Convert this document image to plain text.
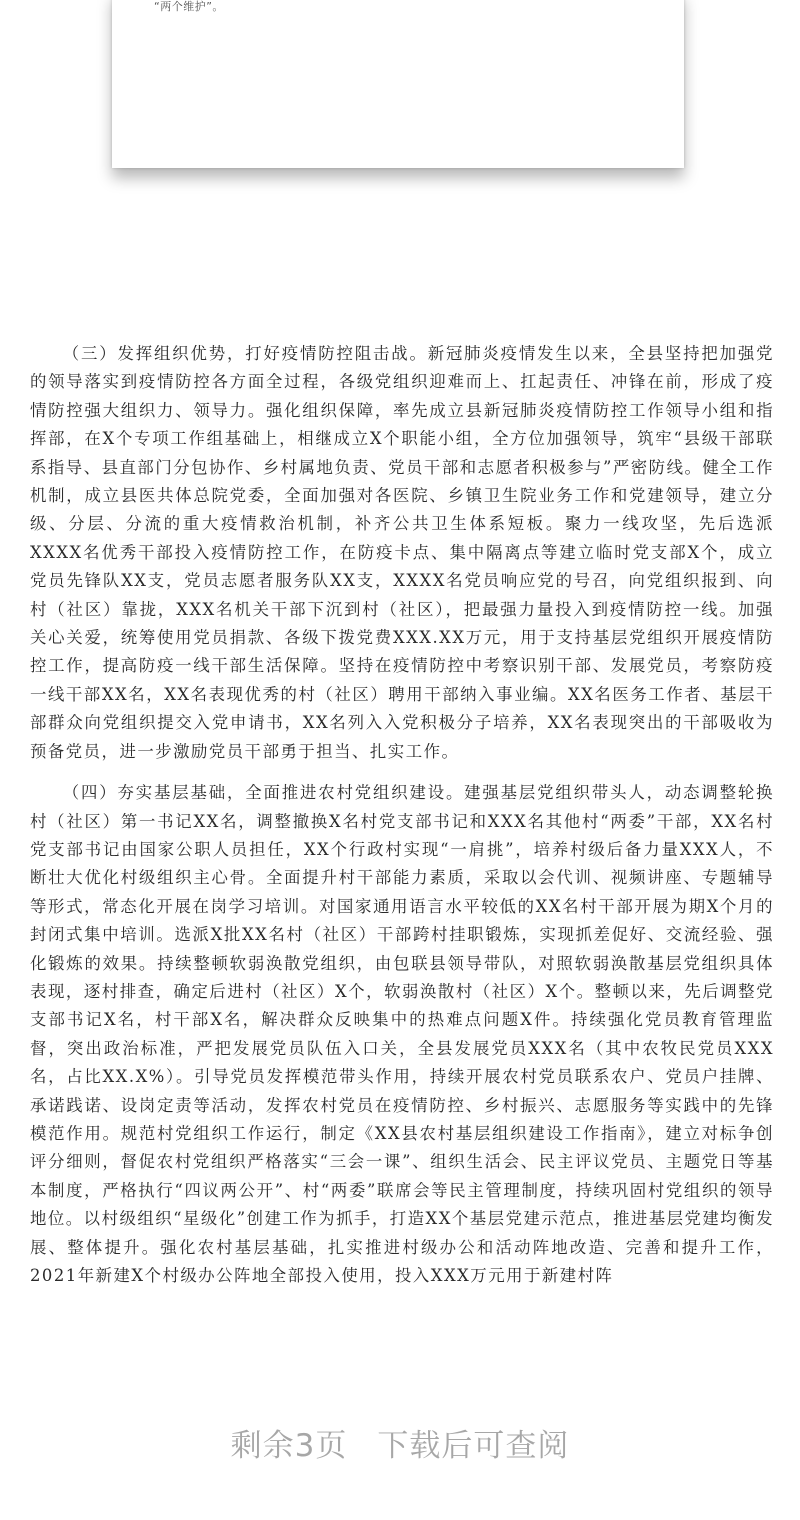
“两个维护”。

（三）发挥组织优势，打好疫情防控阻击战。新冠肺炎疫情发生以来，全县坚持把加强党的领导落实到疫情防控各方面全过程，各级党组织迎难而上、扛起责任、冲锋在前，形成了疫情防控强大组织力、领导力。强化组织保障，率先成立县新冠肺炎疫情防控工作领导小组和指挥部，在X个专项工作组基础上，相继成立X个职能小组，全方位加强领导，筑牢“县级干部联系指导、县直部门分包协作、乡村属地负责、党员干部和志愿者积极参与”严密防线。健全工作机制，成立县医共体总院党委，全面加强对各医院、乡镇卫生院业务工作和党建领导，建立分级、分层、分流的重大疫情救治机制，补齐公共卫生体系短板。聚力一线攻坚，先后选派XXXX名优秀干部投入疫情防控工作，在防疫卡点、集中隔离点等建立临时党支部X个，成立党员先锋队XX支，党员志愿者服务队XX支，XXXX名党员响应党的号召，向党组织报到、向村（社区）靠拢，XXX名机关干部下沉到村（社区），把最强力量投入到疫情防控一线。加强关心关爱，统筹使用党员捐款、各级下拨党费XXX.XX万元，用于支持基层党组织开展疫情防控工作，提高防疫一线干部生活保障。坚持在疫情防控中考察识别干部、发展党员，考察防疫一线干部XX名，XX名表现优秀的村（社区）聘用干部纳入事业编。XX名医务工作者、基层干部群众向党组织提交入党申请书，XX名列入入党积极分子培养，XX名表现突出的干部吸收为预备党员，进一步激励党员干部勇于担当、扎实工作。

（四）夯实基层基础，全面推进农村党组织建设。建强基层党组织带头人，动态调整轮换村（社区）第一书记XX名，调整撤换X名村党支部书记和XXX名其他村“两委”干部，XX名村党支部书记由国家公职人员担任，XX个行政村实现“一肩挑”，培养村级后备力量XXX人，不断壮大优化村级组织主心骨。全面提升村干部能力素质，采取以会代训、视频讲座、专题辅导等形式，常态化开展在岗学习培训。对国家通用语言水平较低的XX名村干部开展为期X个月的封闭式集中培训。选派X批XX名村（社区）干部跨村挂职锻炼，实现抓差促好、交流经验、强化锻炼的效果。持续整顿软弱涣散党组织，由包联县领导带队，对照软弱涣散基层党组织具体表现，逐村排查，确定后进村（社区）X个，软弱涣散村（社区）X个。整顿以来，先后调整党支部书记X名，村干部X名，解决群众反映集中的热难点问题X件。持续强化党员教育管理监督，突出政治标准，严把发展党员队伍入口关，全县发展党员XXX名（其中农牧民党员XXX名，占比XX.X%）。引导党员发挥模范带头作用，持续开展农村党员联系农户、党员户挂牌、承诺践诺、设岗定责等活动，发挥农村党员在疫情防控、乡村振兴、志愿服务等实践中的先锋模范作用。规范村党组织工作运行，制定《XX县农村基层组织建设工作指南》，建立对标争创评分细则，督促农村党组织严格落实“三会一课”、组织生活会、民主评议党员、主题党日等基本制度，严格执行“四议两公开”、村“两委”联席会等民主管理制度，持续巩固村党组织的领导地位。以村级组织“星级化”创建工作为抓手，打造XX个基层党建示范点，推进基层党建均衡发展、整体提升。强化农村基层基础，扎实推进村级办公和活动阵地改造、完善和提升工作，2021年新建X个村级办公阵地全部投入使用，投入XXX万元用于新建村阵

剩余3页 下载后可查阅
